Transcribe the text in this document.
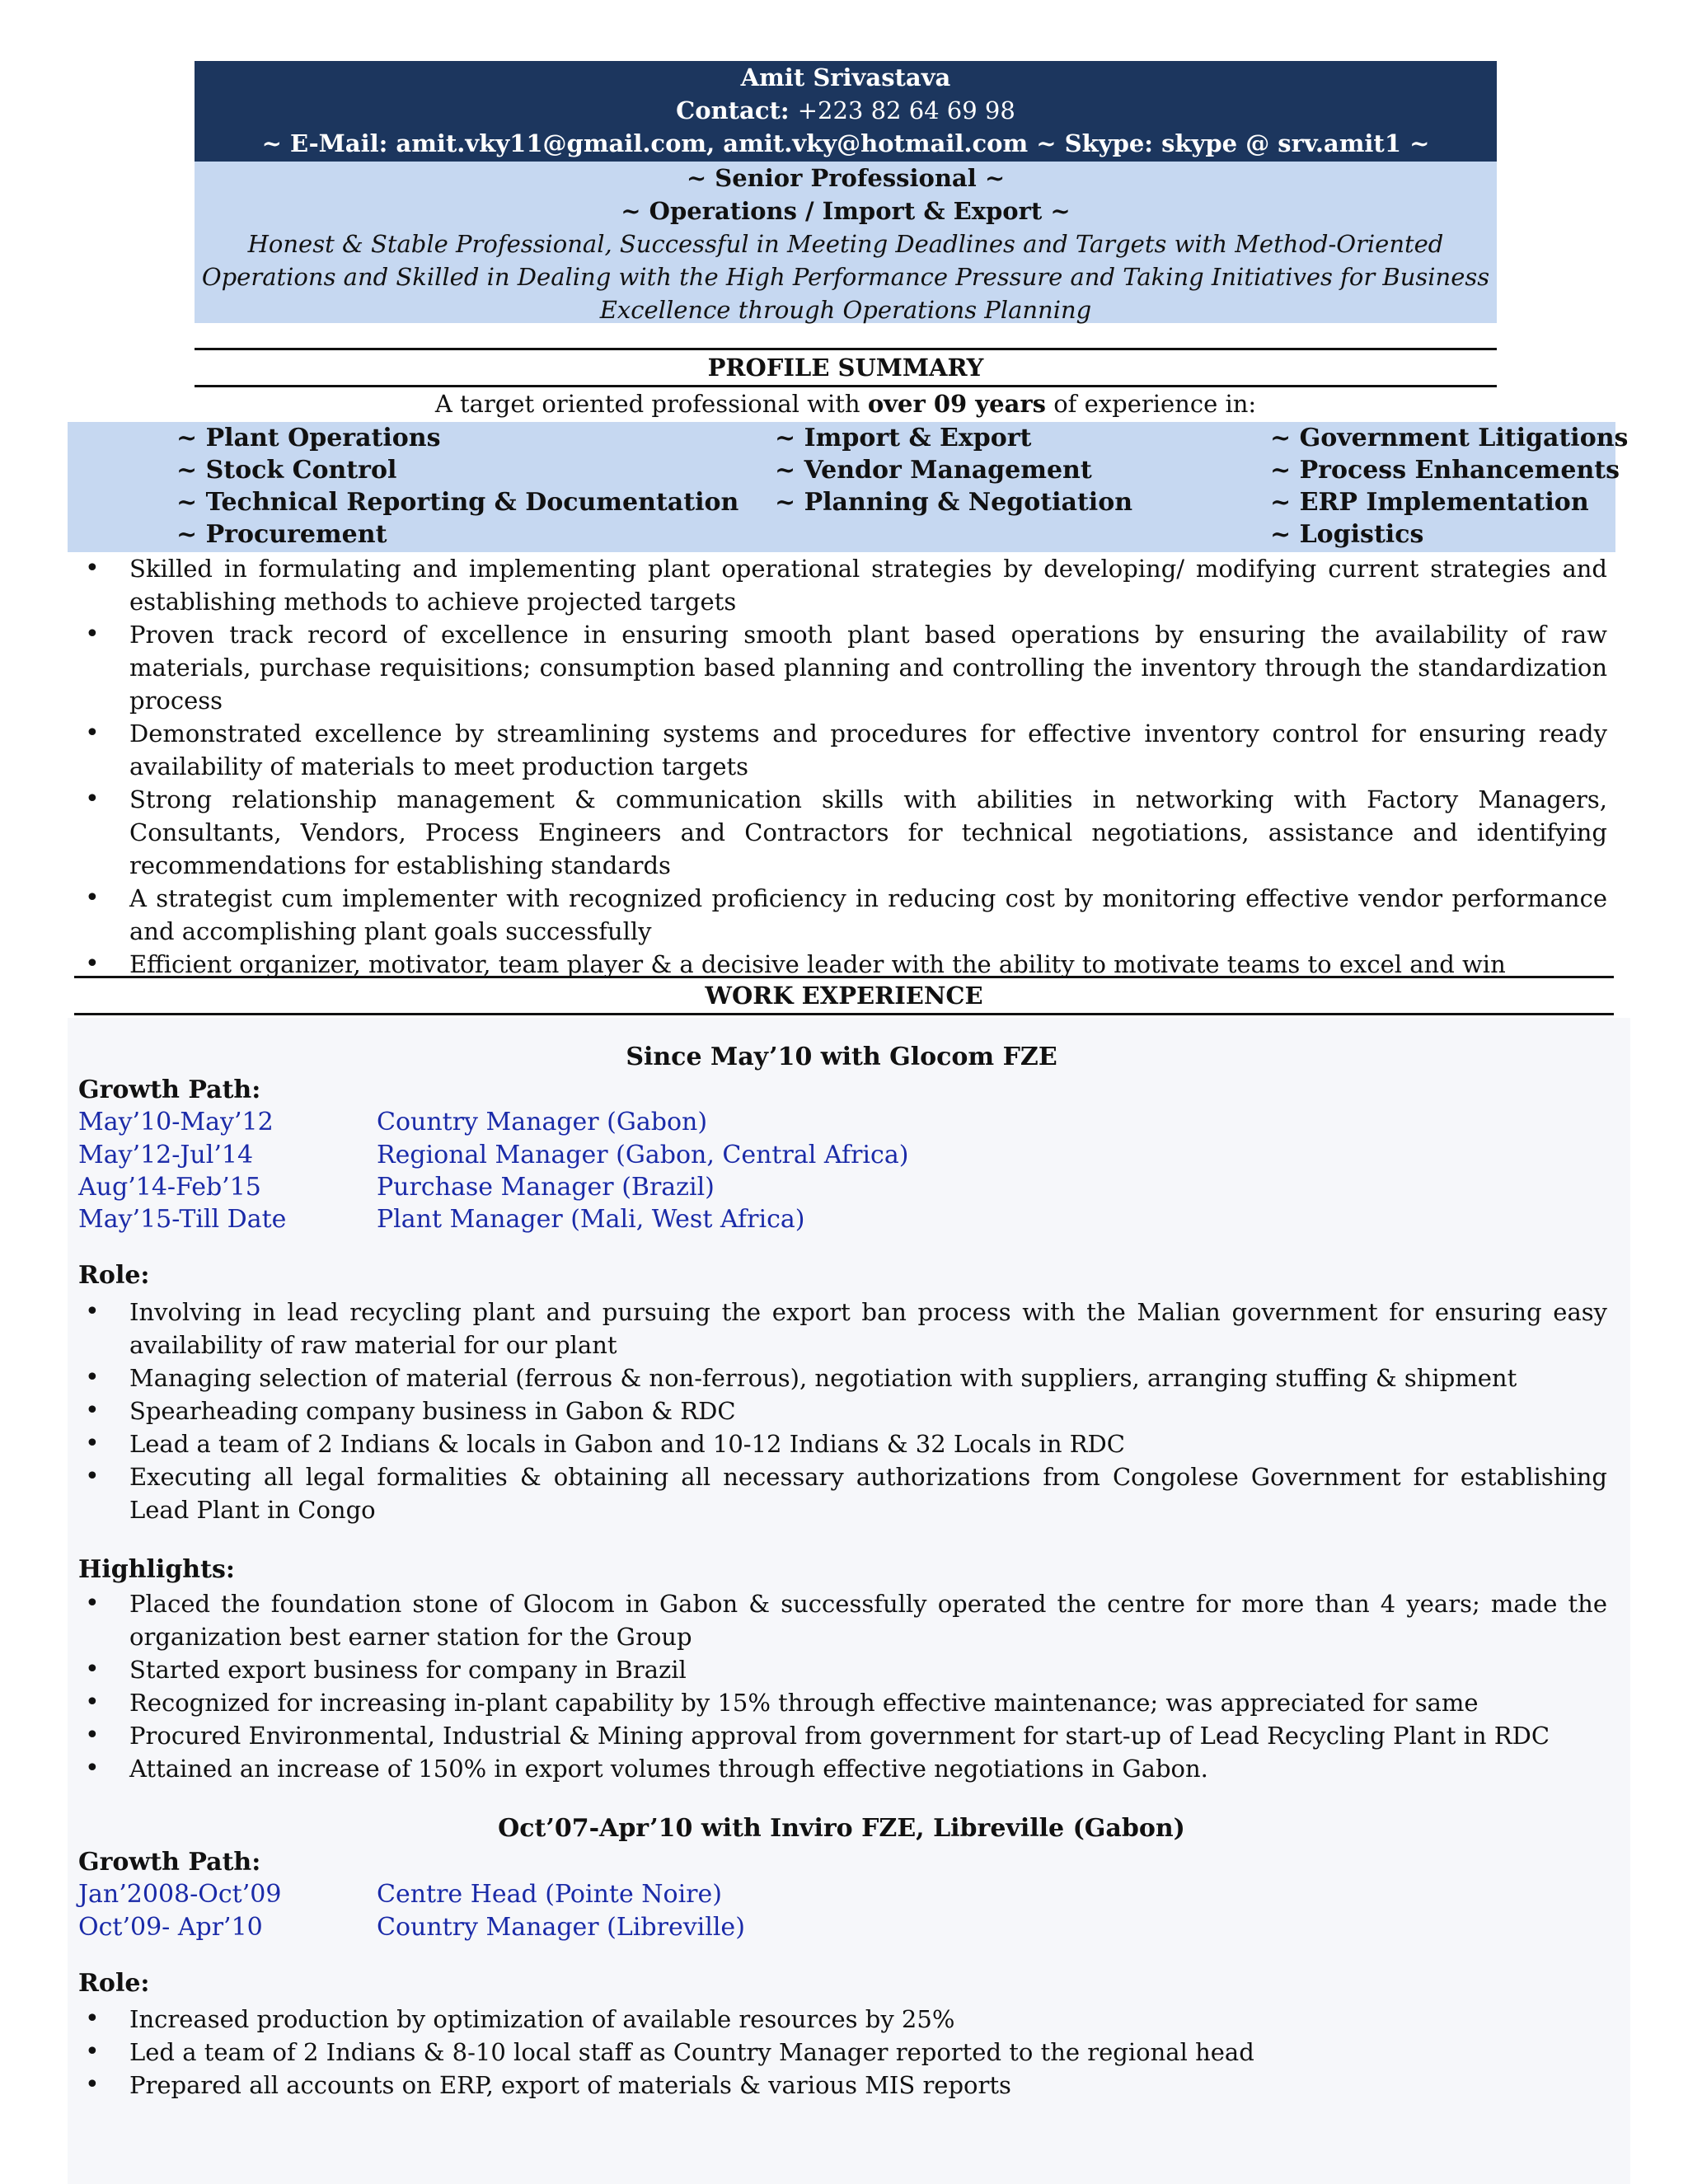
Amit Srivastava
Contact: +223 82 64 69 98
~ E-Mail: amit.vky11@gmail.com, amit.vky@hotmail.com ~ Skype: skype @ srv.amit1 ~
~ Senior Professional ~
~ Operations / Import & Export ~
Honest & Stable Professional, Successful in Meeting Deadlines and Targets with Method-Oriented Operations and Skilled in Dealing with the High Performance Pressure and Taking Initiatives for Business Excellence through Operations Planning
PROFILE SUMMARY
A target oriented professional with over 09 years of experience in:
~ Plant Operations
~ Stock Control
~ Technical Reporting & Documentation
~ Procurement
~ Import & Export
~ Vendor Management
~ Planning & Negotiation
~ Government Litigations
~ Process Enhancements
~ ERP Implementation
~ Logistics
• Skilled in formulating and implementing plant operational strategies by developing/ modifying current strategies and establishing methods to achieve projected targets
• Proven track record of excellence in ensuring smooth plant based operations by ensuring the availability of raw materials, purchase requisitions; consumption based planning and controlling the inventory through the standardization process
• Demonstrated excellence by streamlining systems and procedures for effective inventory control for ensuring ready availability of materials to meet production targets
• Strong relationship management & communication skills with abilities in networking with Factory Managers, Consultants, Vendors, Process Engineers and Contractors for technical negotiations, assistance and identifying recommendations for establishing standards
• A strategist cum implementer with recognized proficiency in reducing cost by monitoring effective vendor performance and accomplishing plant goals successfully
• Efficient organizer, motivator, team player & a decisive leader with the ability to motivate teams to excel and win
WORK EXPERIENCE
Since May’10 with Glocom FZE
Growth Path:
May’10-May’12	Country Manager (Gabon)
May’12-Jul’14	Regional Manager (Gabon, Central Africa)
Aug’14-Feb’15	Purchase Manager (Brazil)
May’15-Till Date	Plant Manager (Mali, West Africa)
Role:
• Involving in lead recycling plant and pursuing the export ban process with the Malian government for ensuring easy availability of raw material for our plant
• Managing selection of material (ferrous & non-ferrous), negotiation with suppliers, arranging stuffing & shipment
• Spearheading company business in Gabon & RDC
• Lead a team of 2 Indians & locals in Gabon and 10-12 Indians & 32 Locals in RDC
• Executing all legal formalities & obtaining all necessary authorizations from Congolese Government for establishing Lead Plant in Congo
Highlights:
• Placed the foundation stone of Glocom in Gabon & successfully operated the centre for more than 4 years; made the organization best earner station for the Group
• Started export business for company in Brazil
• Recognized for increasing in-plant capability by 15% through effective maintenance; was appreciated for same
• Procured Environmental, Industrial & Mining approval from government for start-up of Lead Recycling Plant in RDC
• Attained an increase of 150% in export volumes through effective negotiations in Gabon.
Oct’07-Apr’10 with Inviro FZE, Libreville (Gabon)
Growth Path:
Jan’2008-Oct’09	Centre Head (Pointe Noire)
Oct’09- Apr’10	Country Manager (Libreville)
Role:
• Increased production by optimization of available resources by 25%
• Led a team of 2 Indians & 8-10 local staff as Country Manager reported to the regional head
• Prepared all accounts on ERP, export of materials & various MIS reports
